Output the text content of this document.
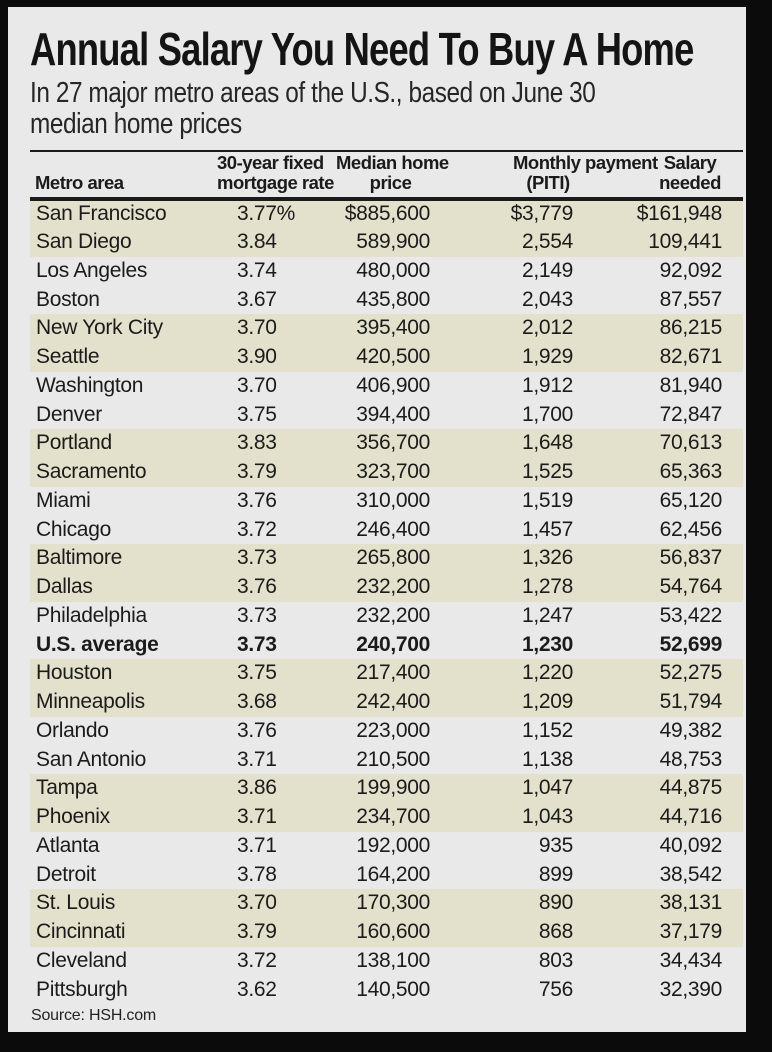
Annual Salary You Need To Buy A Home
In 27 major metro areas of the U.S., based on June 30
median home prices
Metro area

30-year fixed
mortgage rate

Median home
price

Monthly payment
(PITI)

Salary
needed

San Francisco	3.77%	$885,600	$3,779	$161,948
San Diego	3.84	589,900	2,554	109,441
Los Angeles	3.74	480,000	2,149	92,092
Boston	3.67	435,800	2,043	87,557
New York City	3.70	395,400	2,012	86,215
Seattle	3.90	420,500	1,929	82,671
Washington	3.70	406,900	1,912	81,940
Denver	3.75	394,400	1,700	72,847
Portland	3.83	356,700	1,648	70,613
Sacramento	3.79	323,700	1,525	65,363
Miami	3.76	310,000	1,519	65,120
Chicago	3.72	246,400	1,457	62,456
Baltimore	3.73	265,800	1,326	56,837
Dallas	3.76	232,200	1,278	54,764
Philadelphia	3.73	232,200	1,247	53,422
U.S. average	3.73	240,700	1,230	52,699
Houston	3.75	217,400	1,220	52,275
Minneapolis	3.68	242,400	1,209	51,794
Orlando	3.76	223,000	1,152	49,382
San Antonio	3.71	210,500	1,138	48,753
Tampa	3.86	199,900	1,047	44,875
Phoenix	3.71	234,700	1,043	44,716
Atlanta	3.71	192,000	935	40,092
Detroit	3.78	164,200	899	38,542
St. Louis	3.70	170,300	890	38,131
Cincinnati	3.79	160,600	868	37,179
Cleveland	3.72	138,100	803	34,434
Pittsburgh	3.62	140,500	756	32,390
Source: HSH.com
